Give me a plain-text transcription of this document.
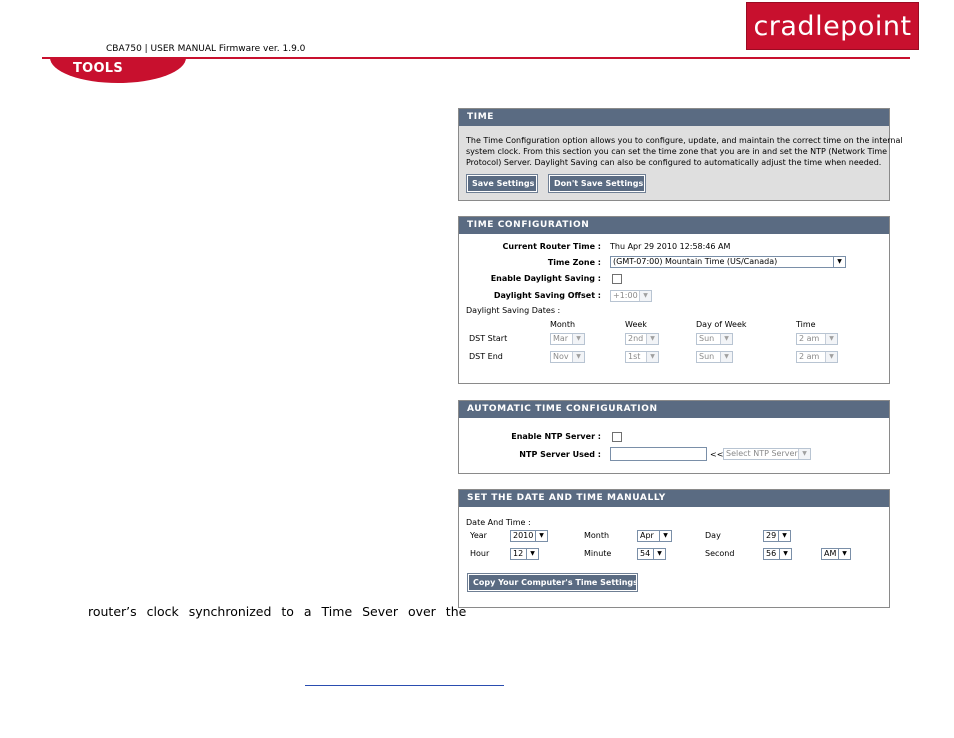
CBA750 | USER MANUAL Firmware ver. 1.9.0
cradlepoint
TOOLS
TIME
The Time Configuration option allows you to configure, update, and maintain the correct time on the internal
system clock. From this section you can set the time zone that you are in and set the NTP (Network Time
Protocol) Server. Daylight Saving can also be configured to automatically adjust the time when needed.
Save Settings	Don't Save Settings
TIME CONFIGURATION
Current Router Time : Thu Apr 29 2010 12:58:46 AM
Time Zone :	(GMT-07:00) Mountain Time (US/Canada)	▼
Enable Daylight Saving :
Daylight Saving Offset :	+1:00 ▼
Daylight Saving Dates :
Month	Week	Day of Week	Time
DST Start	Mar	▼	2nd	▼	Sun	▼	2 am	▼
DST End	Nov	▼	1st	▼	Sun	▼	2 am	▼
AUTOMATIC TIME CONFIGURATION
Enable NTP Server :
NTP Server Used :	<< Select NTP Server ▼
SET THE DATE AND TIME MANUALLY
Date And Time :
Year	2010 ▼	Month	Apr	▼	Day	29	▼
Hour	12	▼	Minute	54	▼	Second	56	▼	AM ▼
Copy Your Computer's Time Settings
router’s clock synchronized to a Time Sever over the
